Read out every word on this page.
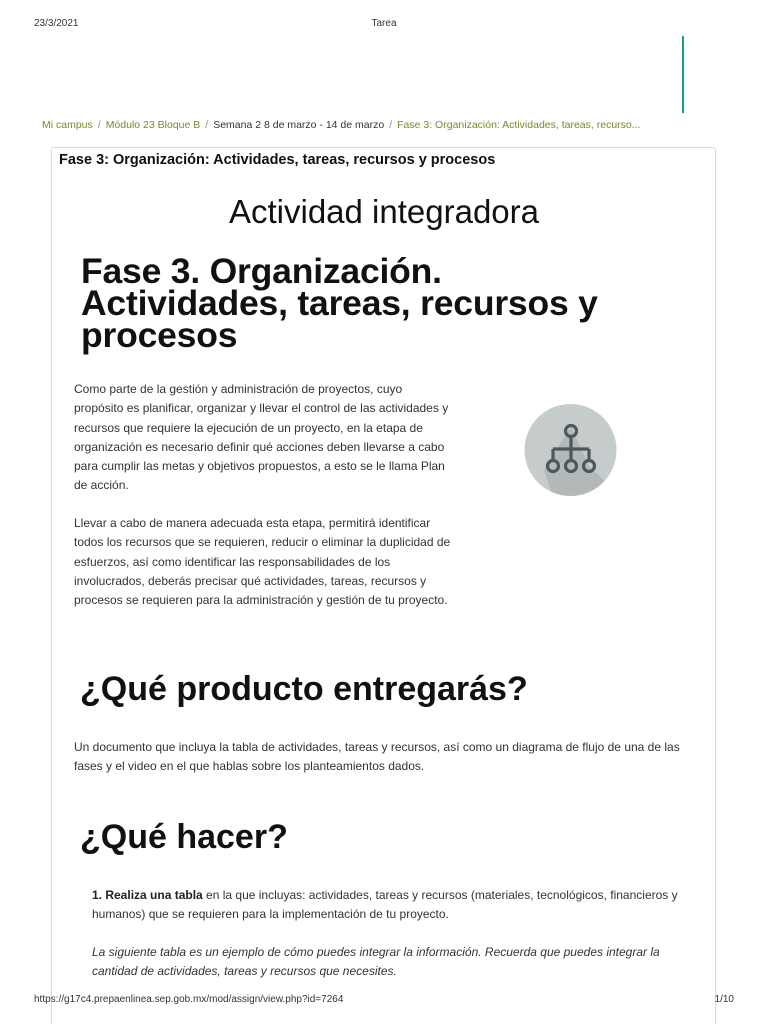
23/3/2021	Tarea
Mi campus / Módulo 23 Bloque B / Semana 2 8 de marzo - 14 de marzo / Fase 3: Organización: Actividades, tareas, recurso...
Fase 3: Organización: Actividades, tareas, recursos y procesos
Actividad integradora
Fase 3. Organización.
Actividades, tareas, recursos y
procesos

Como parte de la gestión y administración de proyectos, cuyo propósito es planificar, organizar y llevar el control de las actividades y recursos que requiere la ejecución de un proyecto, en la etapa de organización es necesario definir qué acciones deben llevarse a cabo para cumplir las metas y objetivos propuestos, a esto se le llama Plan de acción.

Llevar a cabo de manera adecuada esta etapa, permitirá identificar todos los recursos que se requieren, reducir o eliminar la duplicidad de esfuerzos, así como identificar las responsabilidades de los involucrados, deberás precisar qué actividades, tareas, recursos y procesos se requieren para la administración y gestión de tu proyecto.

¿Qué producto entregarás?

Un documento que incluya la tabla de actividades, tareas y recursos, así como un diagrama de flujo de una de las fases y el video en el que hablas sobre los planteamientos dados.

¿Qué hacer?

1. Realiza una tabla en la que incluyas: actividades, tareas y recursos (materiales, tecnológicos, financieros y humanos) que se requieren para la implementación de tu proyecto.

La siguiente tabla es un ejemplo de cómo puedes integrar la información. Recuerda que puedes integrar la cantidad de actividades, tareas y recursos que necesites.

https://g17c4.prepaenlinea.sep.gob.mx/mod/assign/view.php?id=7264	1/10
